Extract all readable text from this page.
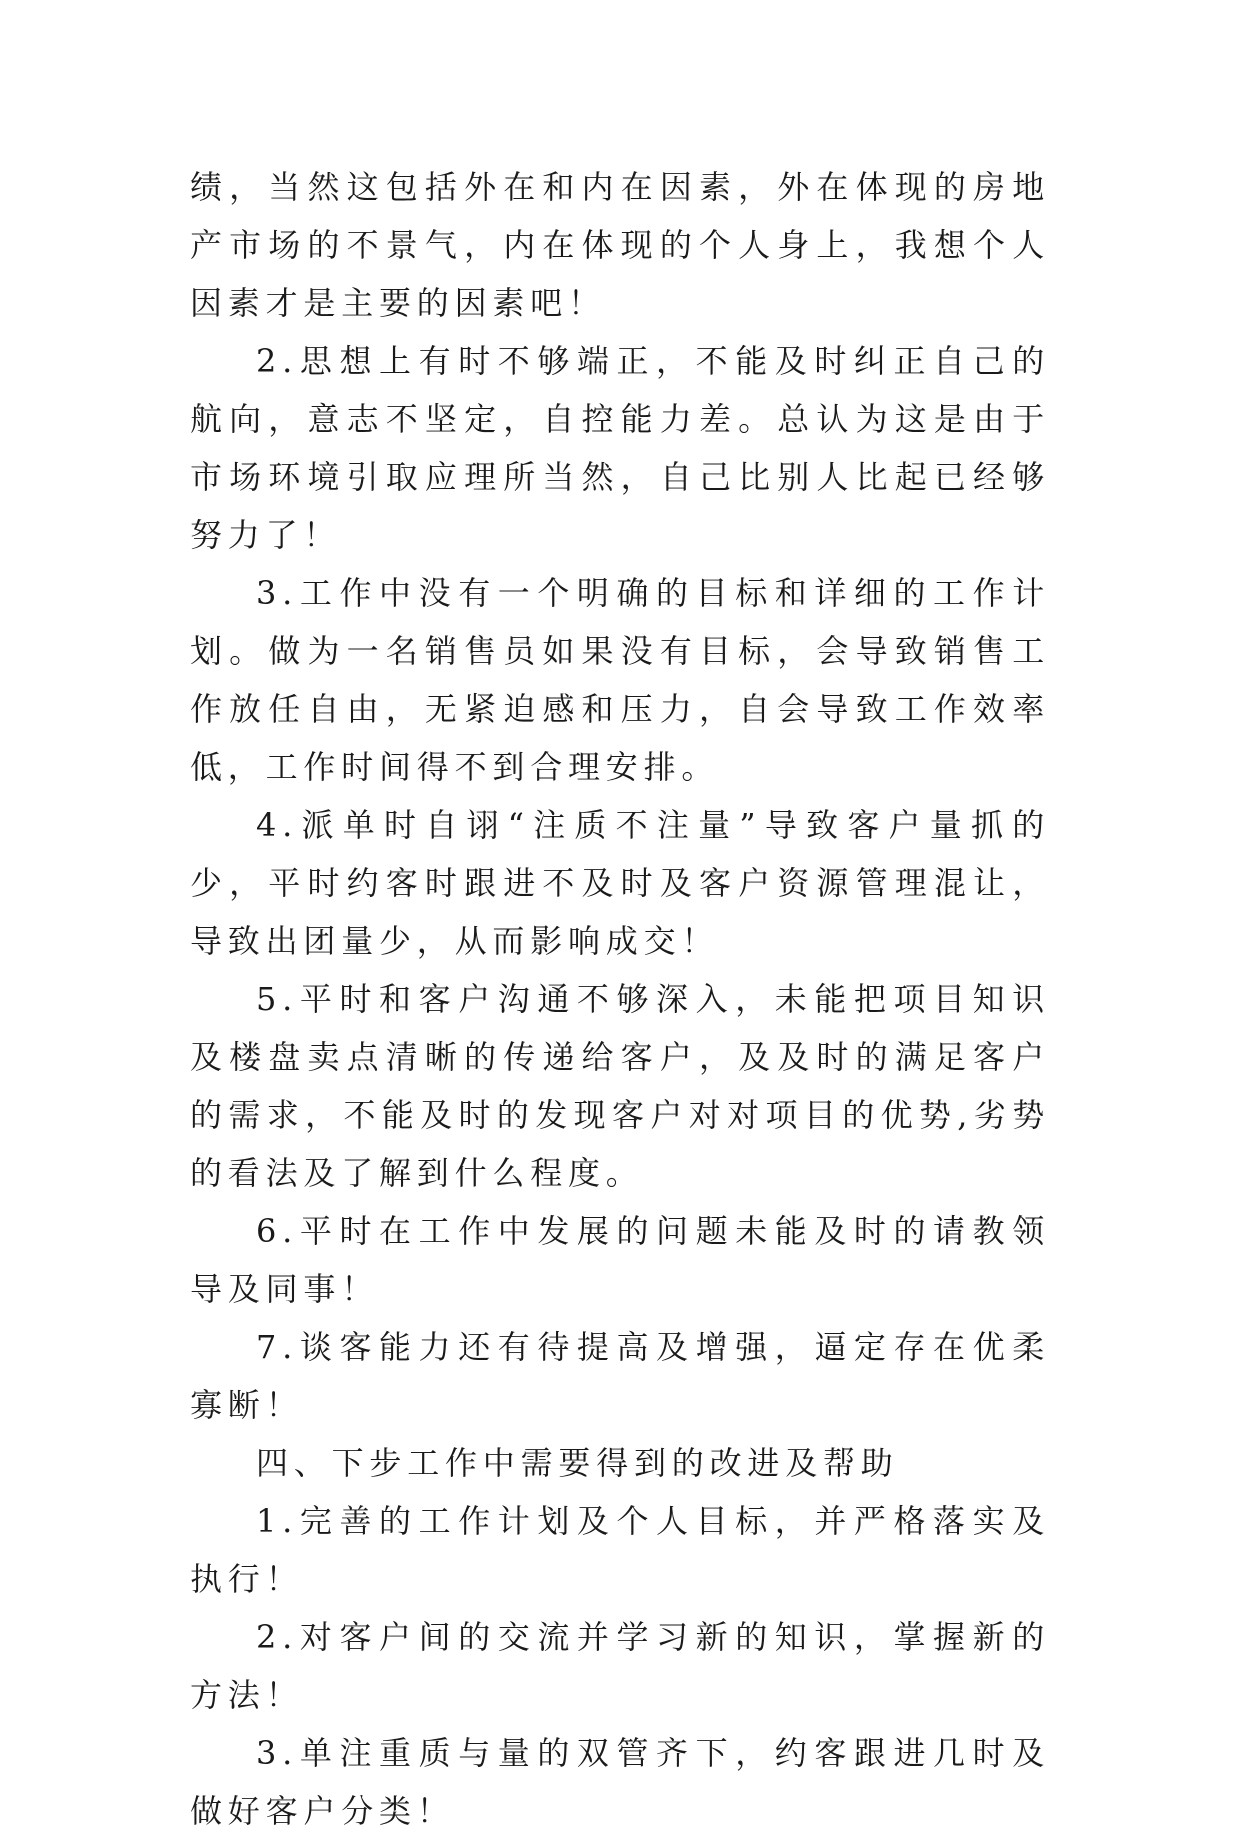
绩，当然这包括外在和内在因素，外在体现的房地产市场的不景气，内在体现的个人身上，我想个人因素才是主要的因素吧！

2.思想上有时不够端正，不能及时纠正自己的航向，意志不坚定，自控能力差。总认为这是由于市场环境引取应理所当然，自己比别人比起已经够努力了！

3.工作中没有一个明确的目标和详细的工作计划。做为一名销售员如果没有目标，会导致销售工作放任自由，无紧迫感和压力，自会导致工作效率低，工作时间得不到合理安排。

4.派单时自诩“注质不注量”导致客户量抓的少，平时约客时跟进不及时及客户资源管理混让，导致出团量少，从而影响成交！

5.平时和客户沟通不够深入，未能把项目知识及楼盘卖点清晰的传递给客户，及及时的满足客户的需求，不能及时的发现客户对对项目的优势,劣势的看法及了解到什么程度。

6.平时在工作中发展的问题未能及时的请教领导及同事！

7.谈客能力还有待提高及增强，逼定存在优柔寡断！

四、下步工作中需要得到的改进及帮助

1.完善的工作计划及个人目标，并严格落实及执行！

2.对客户间的交流并学习新的知识，掌握新的方法！

3.单注重质与量的双管齐下，约客跟进几时及做好客户分类！
